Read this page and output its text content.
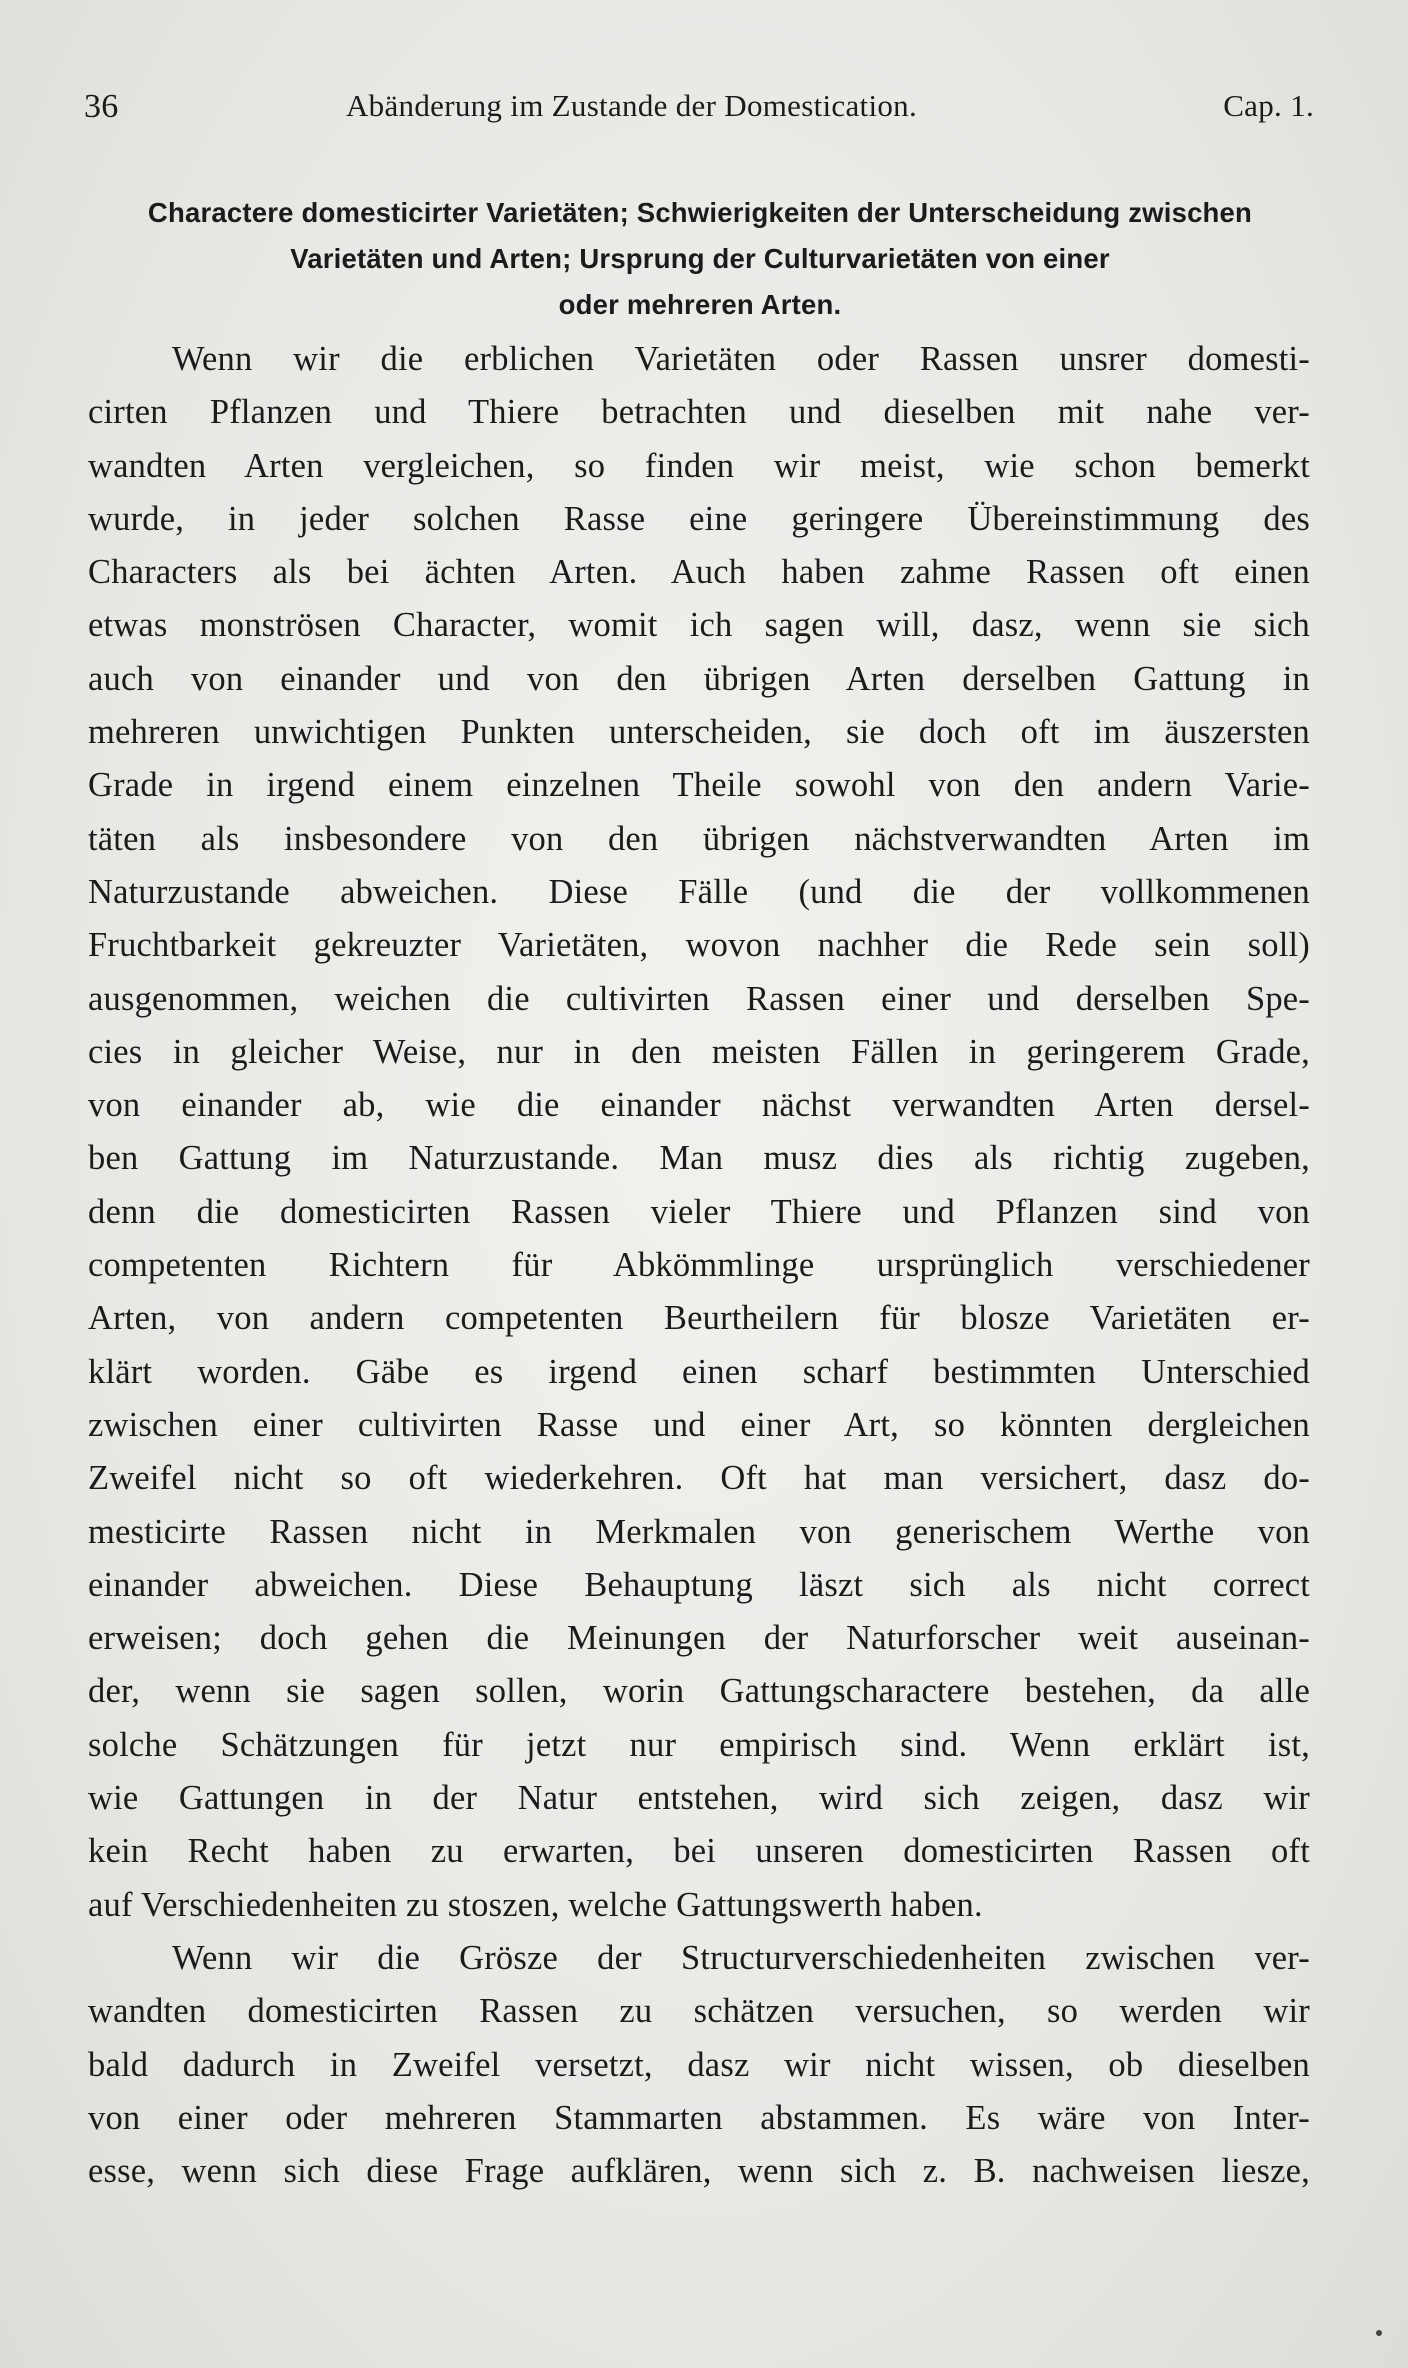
36	Abänderung im Zustande der Domestication.	Cap. 1.
Charactere domesticirter Varietäten; Schwierigkeiten der Unterscheidung zwischen
Varietäten und Arten; Ursprung der Culturvarietäten von einer
oder mehreren Arten.
Wenn wir die erblichen Varietäten oder Rassen unsrer domesti-
cirten Pflanzen und Thiere betrachten und dieselben mit nahe ver-
wandten Arten vergleichen, so finden wir meist, wie schon bemerkt
wurde, in jeder solchen Rasse eine geringere Übereinstimmung des
Characters als bei ächten Arten. Auch haben zahme Rassen oft einen
etwas monströsen Character, womit ich sagen will, dasz, wenn sie sich
auch von einander und von den übrigen Arten derselben Gattung in
mehreren unwichtigen Punkten unterscheiden, sie doch oft im äuszersten
Grade in irgend einem einzelnen Theile sowohl von den andern Varie-
täten als insbesondere von den übrigen nächstverwandten Arten im
Naturzustande abweichen. Diese Fälle (und die der vollkommenen
Fruchtbarkeit gekreuzter Varietäten, wovon nachher die Rede sein soll)
ausgenommen, weichen die cultivirten Rassen einer und derselben Spe-
cies in gleicher Weise, nur in den meisten Fällen in geringerem Grade,
von einander ab, wie die einander nächst verwandten Arten dersel-
ben Gattung im Naturzustande. Man musz dies als richtig zugeben,
denn die domesticirten Rassen vieler Thiere und Pflanzen sind von
competenten Richtern für Abkömmlinge ursprünglich verschiedener
Arten, von andern competenten Beurtheilern für blosze Varietäten er-
klärt worden. Gäbe es irgend einen scharf bestimmten Unterschied
zwischen einer cultivirten Rasse und einer Art, so könnten dergleichen
Zweifel nicht so oft wiederkehren. Oft hat man versichert, dasz do-
mesticirte Rassen nicht in Merkmalen von generischem Werthe von
einander abweichen. Diese Behauptung läszt sich als nicht correct
erweisen; doch gehen die Meinungen der Naturforscher weit auseinan-
der, wenn sie sagen sollen, worin Gattungscharactere bestehen, da alle
solche Schätzungen für jetzt nur empirisch sind. Wenn erklärt ist,
wie Gattungen in der Natur entstehen, wird sich zeigen, dasz wir
kein Recht haben zu erwarten, bei unseren domesticirten Rassen oft
auf Verschiedenheiten zu stoszen, welche Gattungswerth haben.
Wenn wir die Grösze der Structurverschiedenheiten zwischen ver-
wandten domesticirten Rassen zu schätzen versuchen, so werden wir
bald dadurch in Zweifel versetzt, dasz wir nicht wissen, ob dieselben
von einer oder mehreren Stammarten abstammen. Es wäre von Inter-
esse, wenn sich diese Frage aufklären, wenn sich z. B. nachweisen liesze,
